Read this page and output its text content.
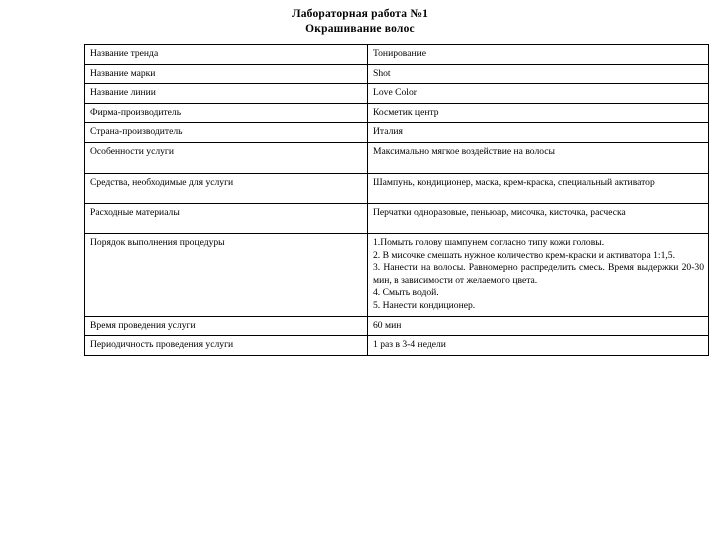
Лабораторная работа №1
Окрашивание волос
Название тренда	Тонирование
Название марки	Shot
Название линии	Love Color
Фирма-производитель	Косметик центр
Страна-производитель	Италия
Особенности услуги	Максимально мягкое воздействие на волосы
Средства, необходимые для услуги	Шампунь, кондиционер, маска, крем-краска, специальный активатор
Расходные материалы	Перчатки одноразовые, пеньюар, мисочка, кисточка, расческа
Порядок выполнения процедуры	1.Помыть голову шампунем согласно типу кожи головы.

2. В мисочке смешать нужное количество крем-краски и активатора 1:1,5.

3. Нанести на волосы. Равномерно распределить смесь. Время выдержки 20-30 мин, в зависимости от желаемого цвета.

4. Смыть водой.

5. Нанести кондиционер.

Время проведения услуги	60 мин
Периодичность проведения услуги	1 раз в 3-4 недели
